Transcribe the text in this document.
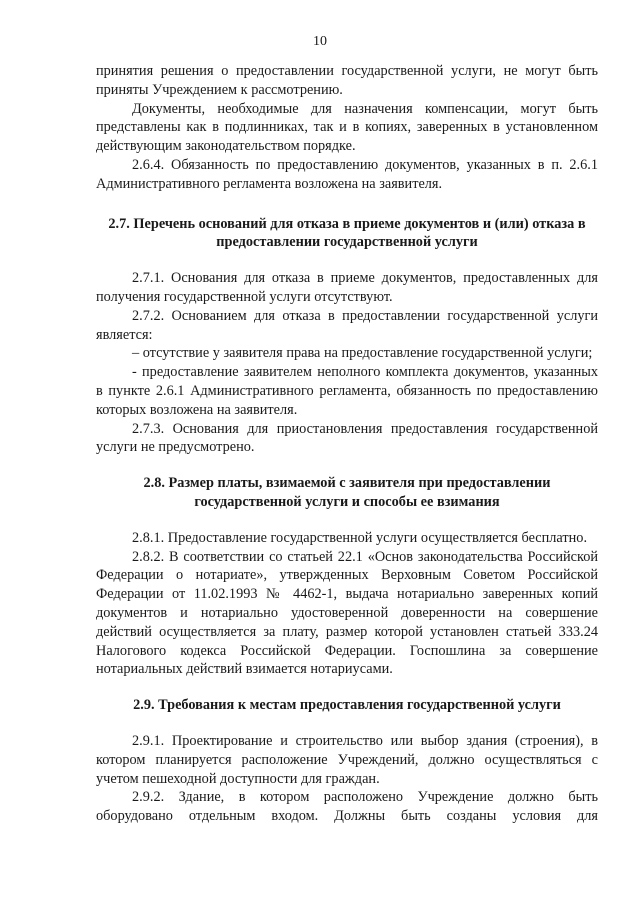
10

принятия решения о предоставлении государственной услуги, не могут быть приняты Учреждением к рассмотрению.

Документы, необходимые для назначения компенсации, могут быть представлены как в подлинниках, так и в копиях, заверенных в установленном действующим законодательством порядке.

2.6.4. Обязанность по предоставлению документов, указанных в п. 2.6.1 Административного регламента возложена на заявителя.

2.7. Перечень оснований для отказа в приеме документов и (или) отказа в предоставлении государственной услуги

2.7.1. Основания для отказа в приеме документов, предоставленных для получения государственной услуги отсутствуют.

2.7.2. Основанием для отказа в предоставлении государственной услуги является:

– отсутствие у заявителя права на предоставление государственной услуги;

- предоставление заявителем неполного комплекта документов, указанных в пункте 2.6.1 Административного регламента, обязанность по предоставлению которых возложена на заявителя.

2.7.3. Основания для приостановления предоставления государственной услуги не предусмотрено.

2.8. Размер платы, взимаемой с заявителя при предоставлении государственной услуги и способы ее взимания

2.8.1. Предоставление государственной услуги осуществляется бесплатно.

2.8.2. В соответствии со статьей 22.1 «Основ законодательства Российской Федерации о нотариате», утвержденных Верховным Советом Российской Федерации от 11.02.1993 № 4462-1, выдача нотариально заверенных копий документов и нотариально удостоверенной доверенности на совершение действий осуществляется за плату, размер которой установлен статьей 333.24 Налогового кодекса Российской Федерации. Госпошлина за совершение нотариальных действий взимается нотариусами.

2.9. Требования к местам предоставления государственной услуги

2.9.1. Проектирование и строительство или выбор здания (строения), в котором планируется расположение Учреждений, должно осуществляться с учетом пешеходной доступности для граждан.

2.9.2. Здание, в котором расположено Учреждение должно быть оборудовано отдельным входом. Должны быть созданы условия для
